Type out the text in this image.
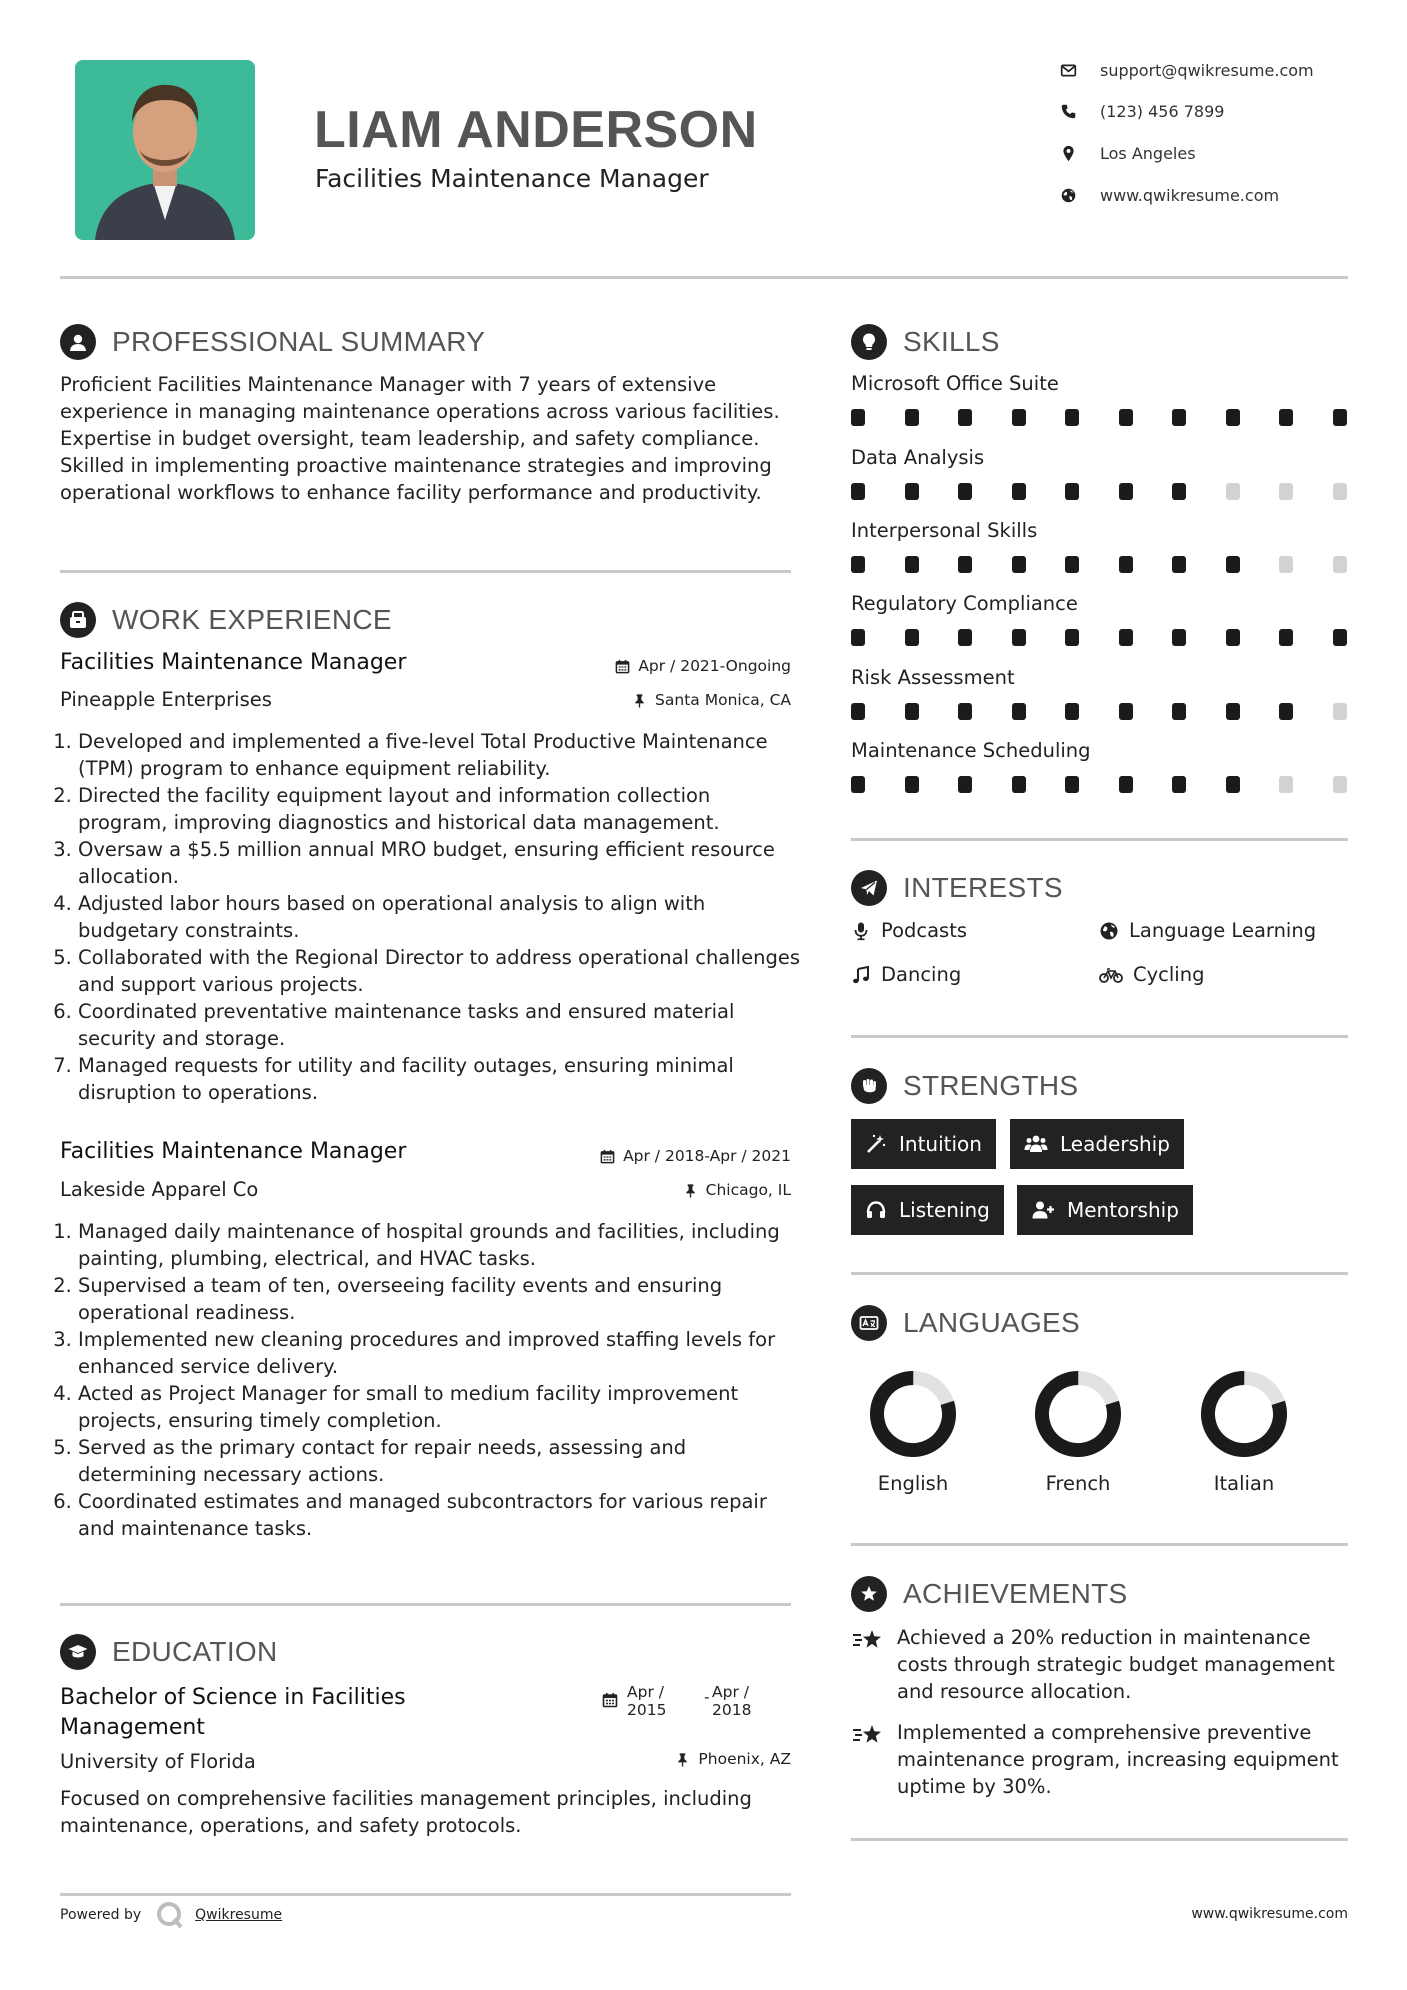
LIAM ANDERSON
Facilities Maintenance Manager
support@qwikresume.com
(123) 456 7899
Los Angeles
www.qwikresume.com
PROFESSIONAL SUMMARY
Proficient Facilities Maintenance Manager with 7 years of extensive experience in managing maintenance operations across various facilities. Expertise in budget oversight, team leadership, and safety compliance. Skilled in implementing proactive maintenance strategies and improving operational workflows to enhance facility performance and productivity.
WORK EXPERIENCE
Facilities Maintenance Manager	Apr / 2021-Ongoing
Pineapple Enterprises	Santa Monica, CA
1. Developed and implemented a five-level Total Productive Maintenance (TPM) program to enhance equipment reliability.
2. Directed the facility equipment layout and information collection program, improving diagnostics and historical data management.
3. Oversaw a $5.5 million annual MRO budget, ensuring efficient resource allocation.
4. Adjusted labor hours based on operational analysis to align with budgetary constraints.
5. Collaborated with the Regional Director to address operational challenges and support various projects.
6. Coordinated preventative maintenance tasks and ensured material security and storage.
7. Managed requests for utility and facility outages, ensuring minimal disruption to operations.
Facilities Maintenance Manager	Apr / 2018-Apr / 2021
Lakeside Apparel Co	Chicago, IL
1. Managed daily maintenance of hospital grounds and facilities, including painting, plumbing, electrical, and HVAC tasks.
2. Supervised a team of ten, overseeing facility events and ensuring operational readiness.
3. Implemented new cleaning procedures and improved staffing levels for enhanced service delivery.
4. Acted as Project Manager for small to medium facility improvement projects, ensuring timely completion.
5. Served as the primary contact for repair needs, assessing and determining necessary actions.
6. Coordinated estimates and managed subcontractors for various repair and maintenance tasks.
EDUCATION
Bachelor of Science in Facilities
Management
Apr /
2015
- Apr /
2018
University of Florida	Phoenix, AZ
Focused on comprehensive facilities management principles, including maintenance, operations, and safety protocols.
SKILLS
Microsoft Office Suite
Data Analysis
Interpersonal Skills
Regulatory Compliance
Risk Assessment
Maintenance Scheduling
INTERESTS
Podcasts	Language Learning
Dancing	Cycling
STRENGTHS
Intuition	Leadership
Listening	Mentorship
LANGUAGES
English	French	Italian
ACHIEVEMENTS
Achieved a 20% reduction in maintenance costs through strategic budget management and resource allocation.
Implemented a comprehensive preventive maintenance program, increasing equipment uptime by 30%.
Powered by	Qwikresume	www.qwikresume.com
